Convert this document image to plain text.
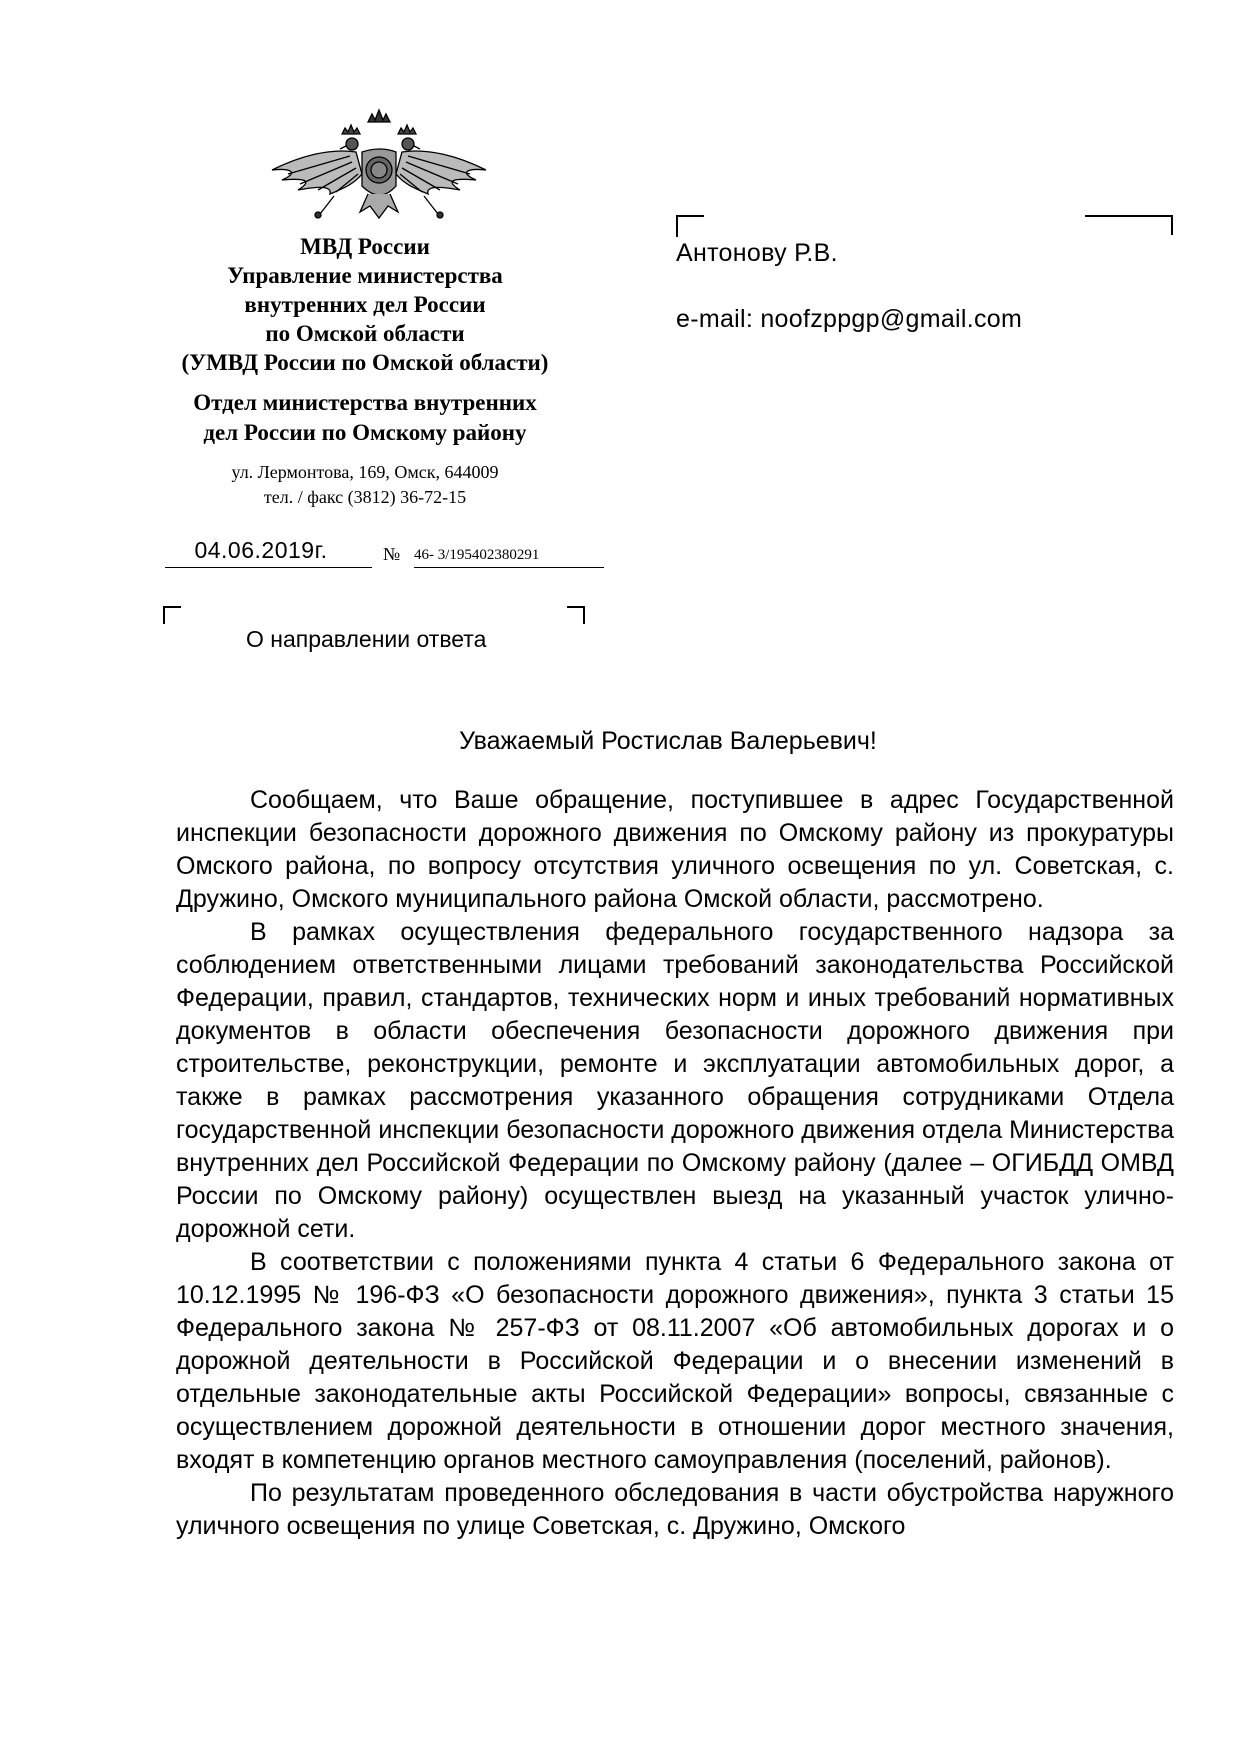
МВД России
Управление министерства
внутренних дел России
по Омской области
(УМВД России по Омской области)
Отдел министерства внутренних
дел России по Омскому району
ул. Лермонтова, 169, Омск, 644009
тел. / факс (3812) 36-72-15
04.06.2019г.	№ 46- 3/195402380291
О направлении ответа
Антонову Р.В.
e-mail: noofzppgp@gmail.com
Уважаемый Ростислав Валерьевич!

Сообщаем, что Ваше обращение, поступившее в адрес Государственной инспекции безопасности дорожного движения по Омскому району из прокуратуры Омского района, по вопросу отсутствия уличного освещения по ул. Советская, с. Дружино, Омского муниципального района Омской области, рассмотрено.

В рамках осуществления федерального государственного надзора за соблюдением ответственными лицами требований законодательства Российской Федерации, правил, стандартов, технических норм и иных требований нормативных документов в области обеспечения безопасности дорожного движения при строительстве, реконструкции, ремонте и эксплуатации автомобильных дорог, а также в рамках рассмотрения указанного обращения сотрудниками Отдела государственной инспекции безопасности дорожного движения отдела Министерства внутренних дел Российской Федерации по Омскому району (далее – ОГИБДД ОМВД России по Омскому району) осуществлен выезд на указанный участок улично-дорожной сети.

В соответствии с положениями пункта 4 статьи 6 Федерального закона от 10.12.1995 № 196-ФЗ «О безопасности дорожного движения», пункта 3 статьи 15 Федерального закона № 257-ФЗ от 08.11.2007 «Об автомобильных дорогах и о дорожной деятельности в Российской Федерации и о внесении изменений в отдельные законодательные акты Российской Федерации» вопросы, связанные с осуществлением дорожной деятельности в отношении дорог местного значения, входят в компетенцию органов местного самоуправления (поселений, районов).

По результатам проведенного обследования в части обустройства наружного уличного освещения по улице Советская, с. Дружино, Омского
